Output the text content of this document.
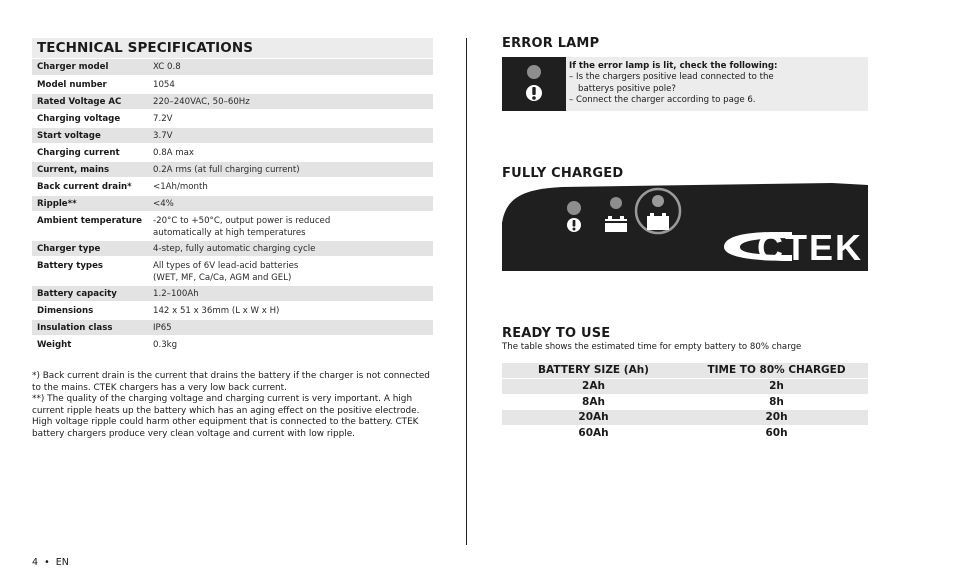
TECHNICAL SPECIFICATIONS
Charger model	XC 0.8
Model number	1054
Rated Voltage AC	220–240VAC, 50–60Hz
Charging voltage	7.2V
Start voltage	3.7V
Charging current	0.8A max
Current, mains	0.2A rms (at full charging current)
Back current drain*	<1Ah/month
Ripple**	<4%
Ambient temperature	-20°C to +50°C, output power is reduced
automatically at high temperatures

Charger type	4-step, fully automatic charging cycle
Battery types	All types of 6V lead-acid batteries
(WET, MF, Ca/Ca, AGM and GEL)

Battery capacity	1.2–100Ah
Dimensions	142 x 51 x 36mm (L x W x H)
Insulation class	IP65
Weight	0.3kg

*) Back current drain is the current that drains the battery if the charger is not connected to the mains. CTEK chargers has a very low back current.

**) The quality of the charging voltage and charging current is very important. A high current ripple heats up the battery which has an aging effect on the positive electrode. High voltage ripple could harm other equipment that is connected to the battery. CTEK battery chargers produce very clean voltage and current with low ripple.

4 • EN
ERROR LAMP
If the error lamp is lit, check the following:
– Is the chargers positive lead connected to the
batterys positive pole?
– Connect the charger according to page 6.
FULLY CHARGED
CTEK
READY TO USE
The table shows the estimated time for empty battery to 80% charge
BATTERY SIZE (Ah)	TIME TO 80% CHARGED
2Ah	2h
8Ah	8h
20Ah	20h
60Ah	60h
